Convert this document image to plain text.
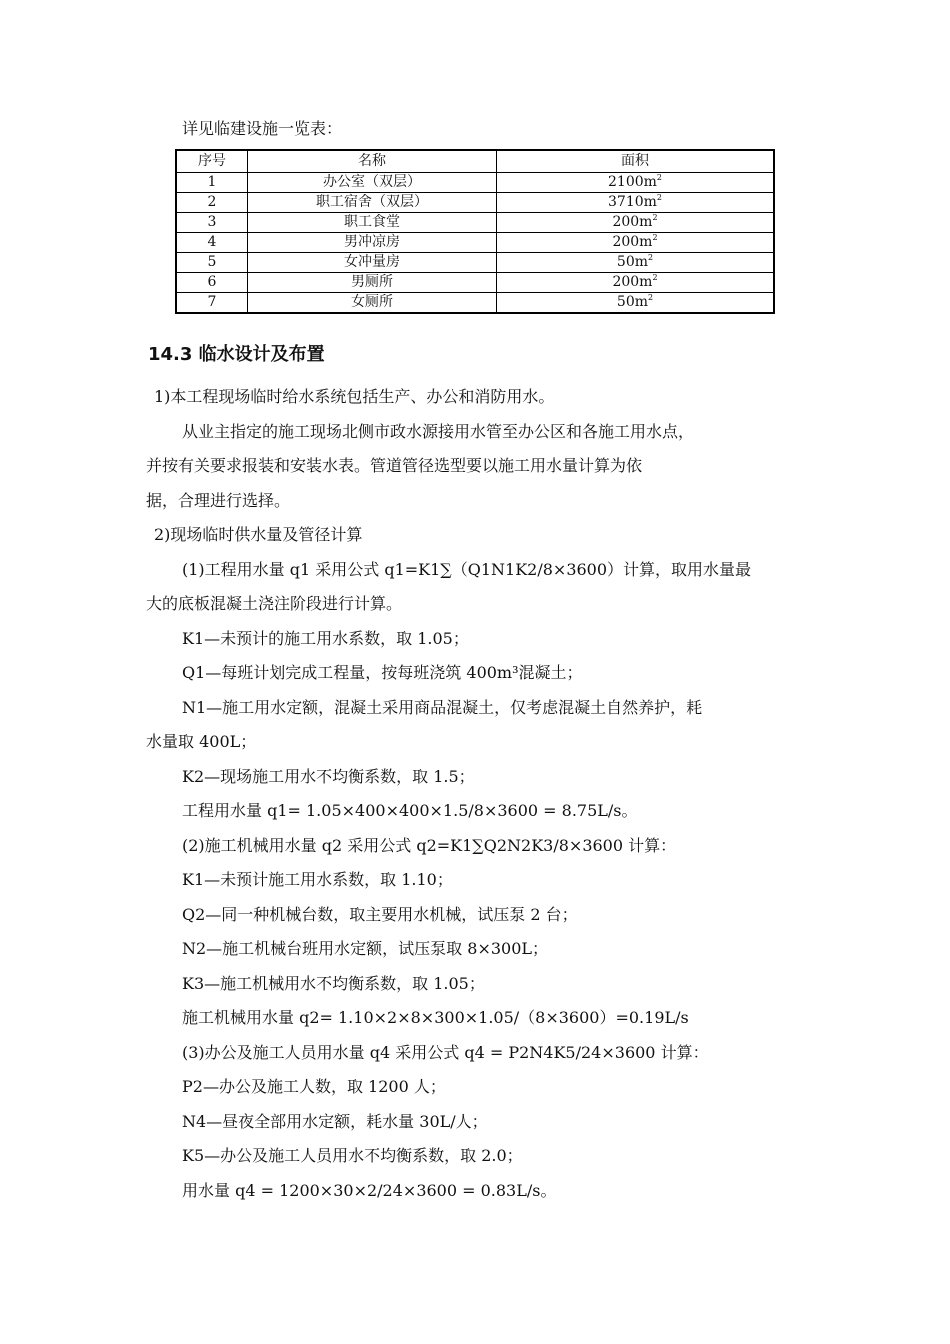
详见临建设施一览表：
序号	名称	面积
1	办公室（双层）	$2100m^2$
2	职工宿舍（双层）	$3710m^2$
3	职工食堂	$200m^2$
4	男冲凉房	$200m^2$
5	女冲量房	$50m^2$
6	男厕所	$200m^2$
7	女厕所	$50m^2$
14.3 临水设计及布置

1)本工程现场临时给水系统包括生产、办公和消防用水。

从业主指定的施工现场北侧市政水源接用水管至办公区和各施工用水点，

并按有关要求报装和安装水表。管道管径选型要以施工用水量计算为依

据，合理进行选择。

2)现场临时供水量及管径计算

(1)工程用水量 q1 采用公式 q1=K1∑（Q1N1K2/8×3600）计算，取用水量最

大的底板混凝土浇注阶段进行计算。

K1—未预计的施工用水系数，取 1.05；

Q1—每班计划完成工程量，按每班浇筑 400m³混凝土；

N1—施工用水定额，混凝土采用商品混凝土，仅考虑混凝土自然养护，耗

水量取 400L；

K2—现场施工用水不均衡系数，取 1.5；

工程用水量 q1= 1.05×400×400×1.5/8×3600 = 8.75L/s。

(2)施工机械用水量 q2 采用公式 q2=K1∑Q2N2K3/8×3600 计算：

K1—未预计施工用水系数，取 1.10；

Q2—同一种机械台数，取主要用水机械，试压泵 2 台；

N2—施工机械台班用水定额，试压泵取 8×300L；

K3—施工机械用水不均衡系数，取 1.05；

施工机械用水量 q2= 1.10×2×8×300×1.05/（8×3600）=0.19L/s

(3)办公及施工人员用水量 q4 采用公式 q4 = P2N4K5/24×3600 计算：

P2—办公及施工人数，取 1200 人；

N4—昼夜全部用水定额，耗水量 30L/人；

K5—办公及施工人员用水不均衡系数，取 2.0；

用水量 q4 = 1200×30×2/24×3600 = 0.83L/s。
